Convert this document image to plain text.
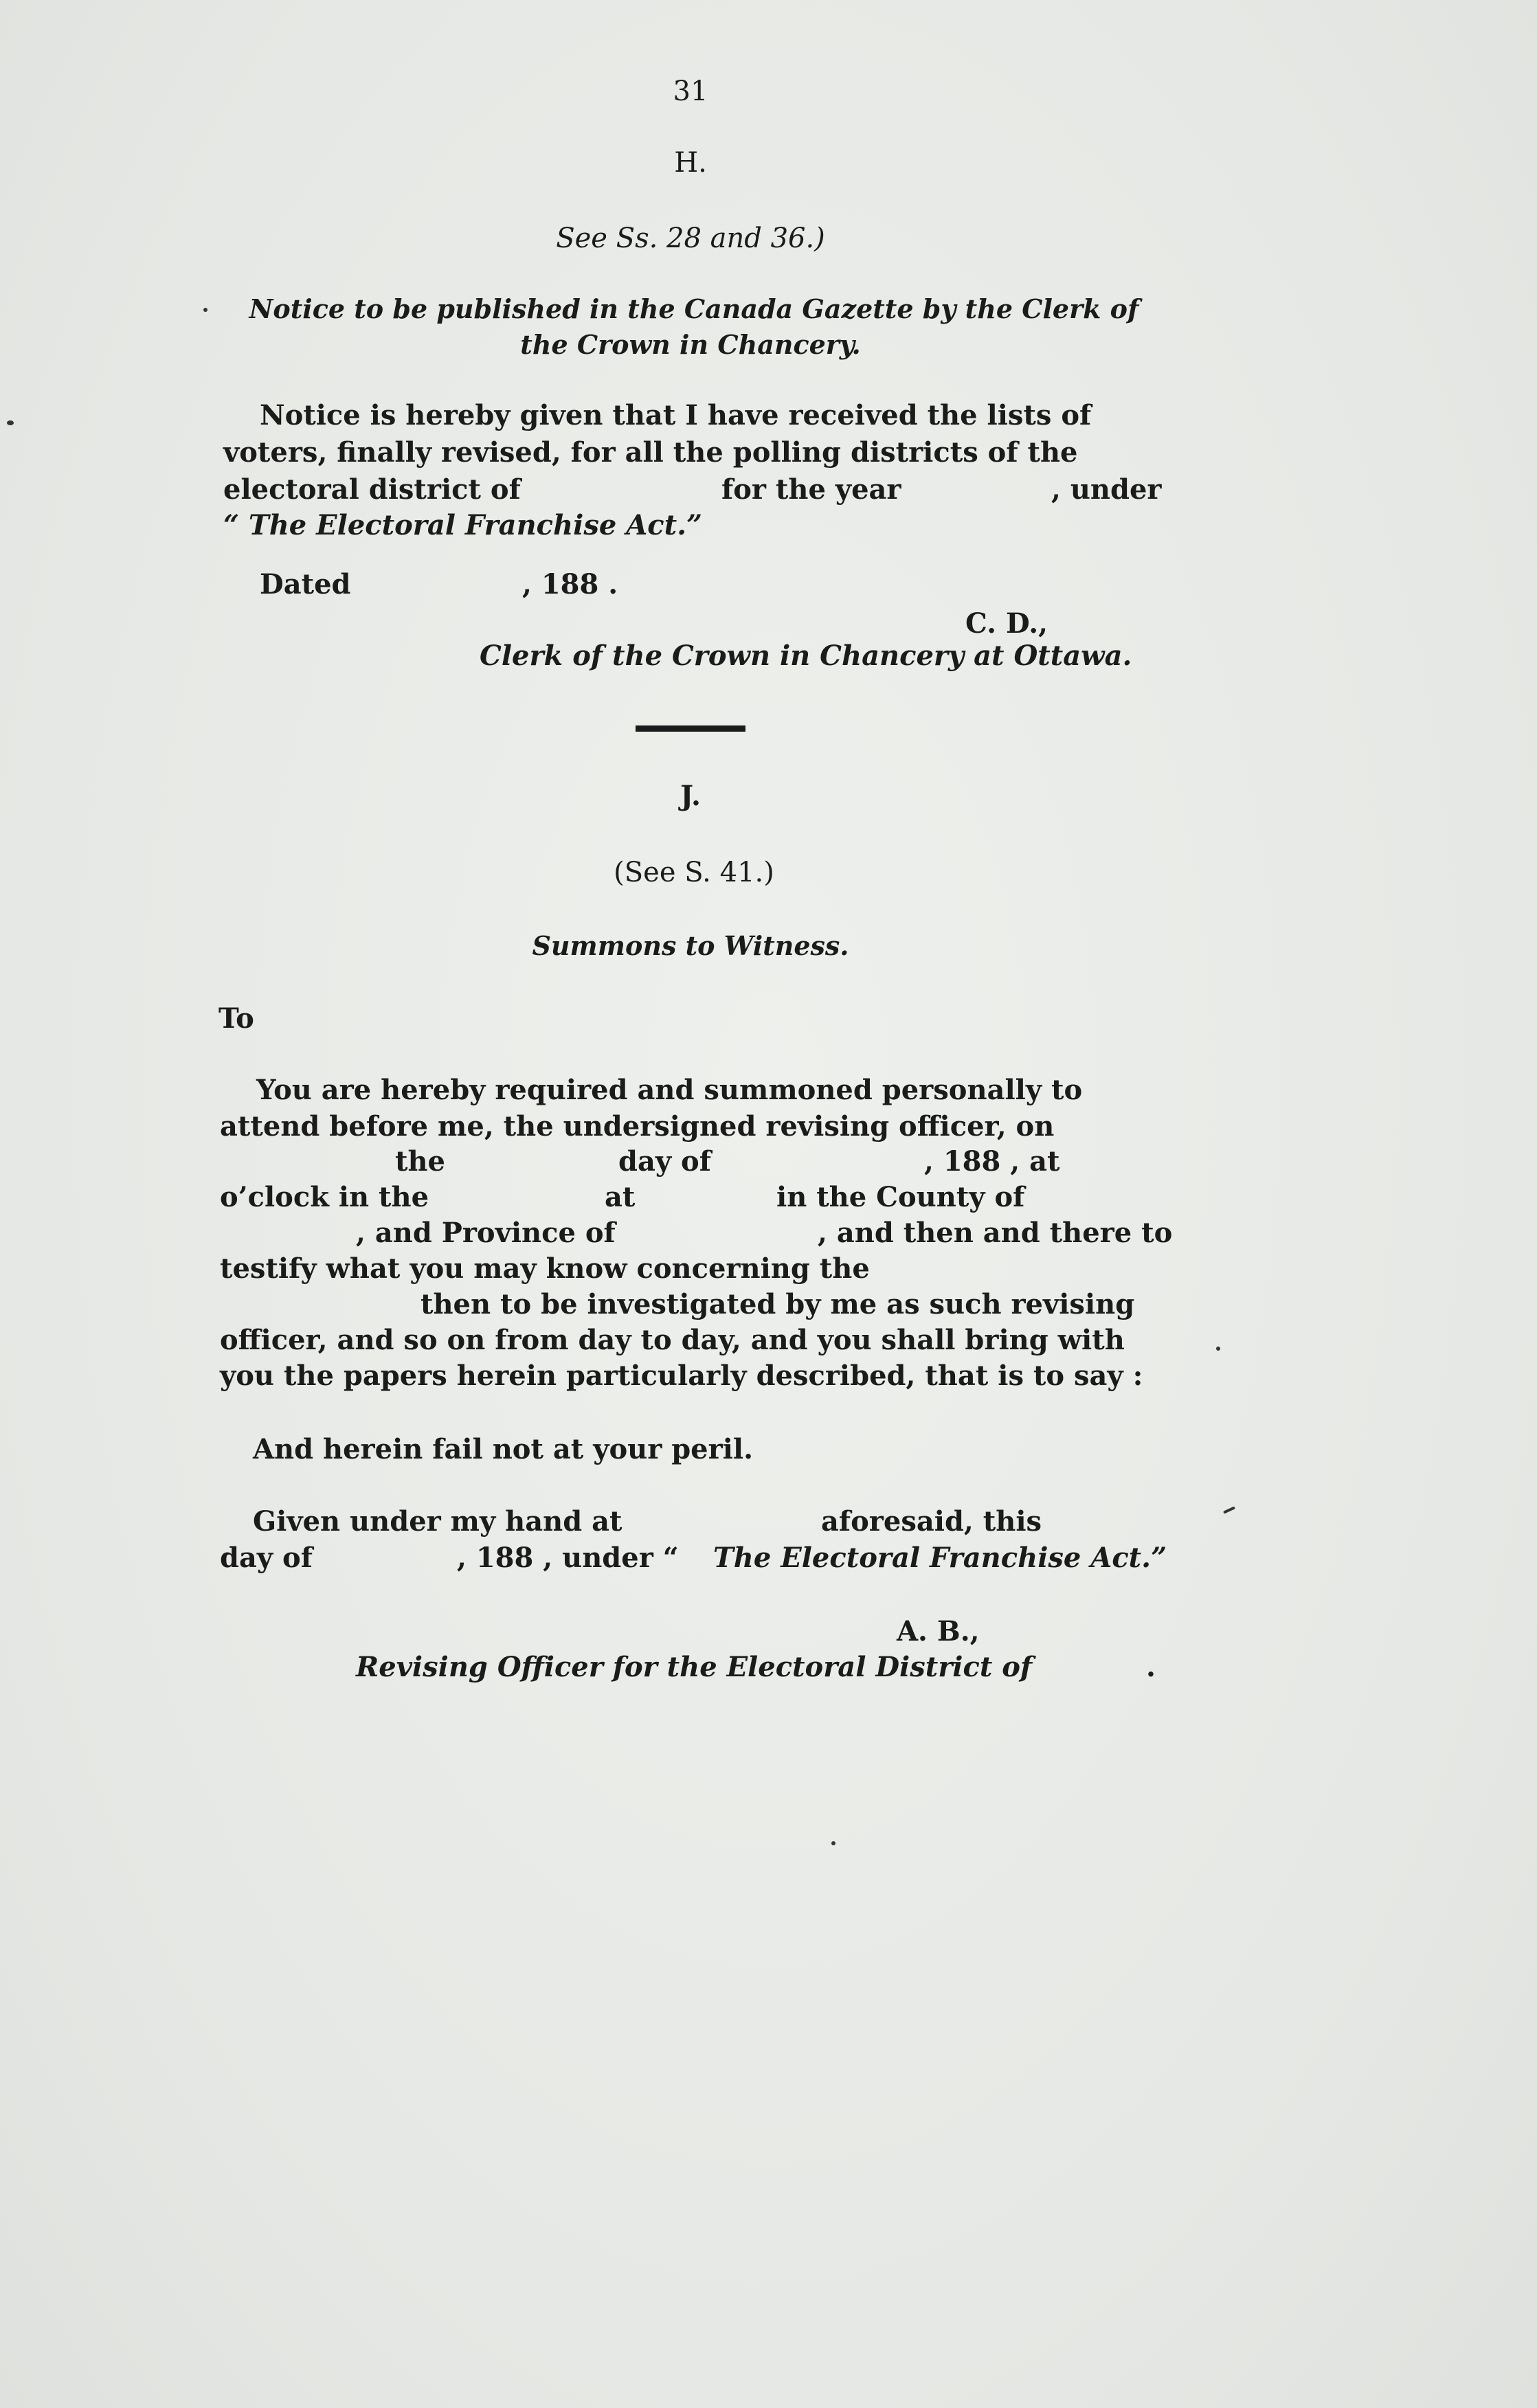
31
H.
See Ss. 28 and 36.)
Notice to be published in the Canada Gazette by the Clerk of
the Crown in Chancery.
Notice is hereby given that I have received the lists of
voters, finally revised, for all the polling districts of the
electoral district of	for the year	, under
“ The Electoral Franchise Act.”
Dated	, 188 .
C. D.,
Clerk of the Crown in Chancery at Ottawa.
J.
(See S. 41.)
Summons to Witness.
To
You are hereby required and summoned personally to
attend before me, the undersigned revising officer, on
the	day of	, 188 , at
o’clock in the	at	in the County of
, and Province of	, and then and there to
testify what you may know concerning the
then to be investigated by me as such revising
officer, and so on from day to day, and you shall bring with
you the papers herein particularly described, that is to say :
And herein fail not at your peril.
Given under my hand at	aforesaid, this
day of	, 188 , under “ The Electoral Franchise Act.”
A. B.,
Revising Officer for the Electoral District of	.
